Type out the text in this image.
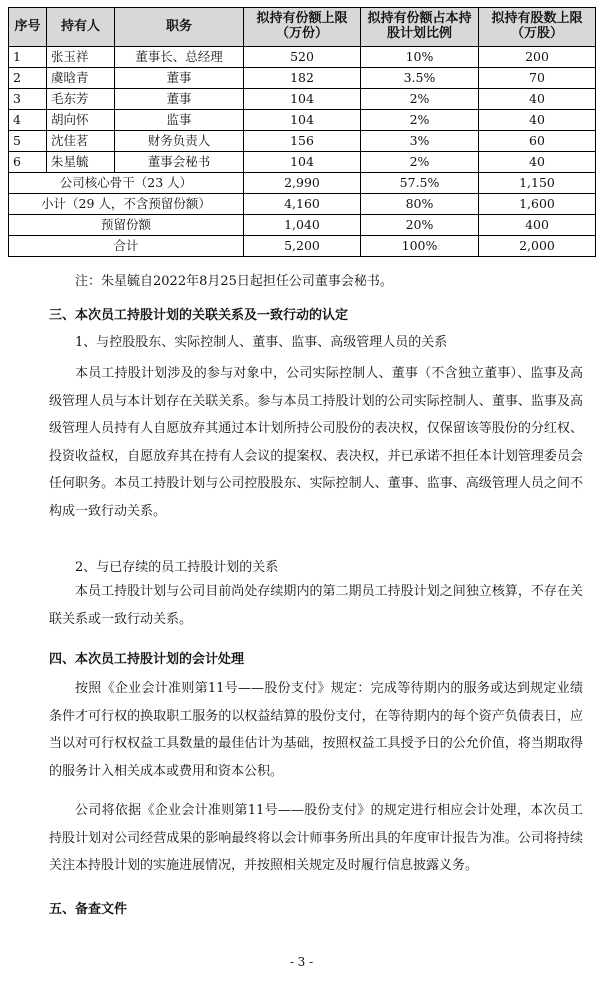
序号	持有人	职务	拟持有份额上限（万份）	拟持有份额占本持股计划比例	拟持有股数上限（万股）
1	张玉祥	董事长、总经理	520	10%	200
2	虞晗青	董事	182	3.5%	70
3	毛东芳	董事	104	2%	40
4	胡向怀	监事	104	2%	40
5	沈佳茗	财务负责人	156	3%	60
6	朱星毓	董事会秘书	104	2%	40
公司核心骨干（23 人）			2,990	57.5%	1,150
小计（29 人，不含预留份额）			4,160	80%	1,600
预留份额			1,040	20%	400
合计			5,200	100%	2,000
注：朱星毓自2022年8月25日起担任公司董事会秘书。
三、本次员工持股计划的关联关系及一致行动的认定
1、与控股股东、实际控制人、董事、监事、高级管理人员的关系

本员工持股计划涉及的参与对象中，公司实际控制人、董事（不含独立董事）、监事及高级管理人员与本计划存在关联关系。参与本员工持股计划的公司实际控制人、董事、监事及高级管理人员持有人自愿放弃其通过本计划所持公司股份的表决权，仅保留该等股份的分红权、投资收益权，自愿放弃其在持有人会议的提案权、表决权，并已承诺不担任本计划管理委员会任何职务。本员工持股计划与公司控股股东、实际控制人、董事、监事、高级管理人员之间不构成一致行动关系。

2、与已存续的员工持股计划的关系

本员工持股计划与公司目前尚处存续期内的第二期员工持股计划之间独立核算，不存在关联关系或一致行动关系。

四、本次员工持股计划的会计处理

按照《企业会计准则第11号——股份支付》规定：完成等待期内的服务或达到规定业绩条件才可行权的换取职工服务的以权益结算的股份支付，在等待期内的每个资产负债表日，应当以对可行权权益工具数量的最佳估计为基础，按照权益工具授予日的公允价值，将当期取得的服务计入相关成本或费用和资本公积。

公司将依据《企业会计准则第11号——股份支付》的规定进行相应会计处理，本次员工持股计划对公司经营成果的影响最终将以会计师事务所出具的年度审计报告为准。公司将持续关注本持股计划的实施进展情况，并按照相关规定及时履行信息披露义务。

五、备查文件
- 3 -
